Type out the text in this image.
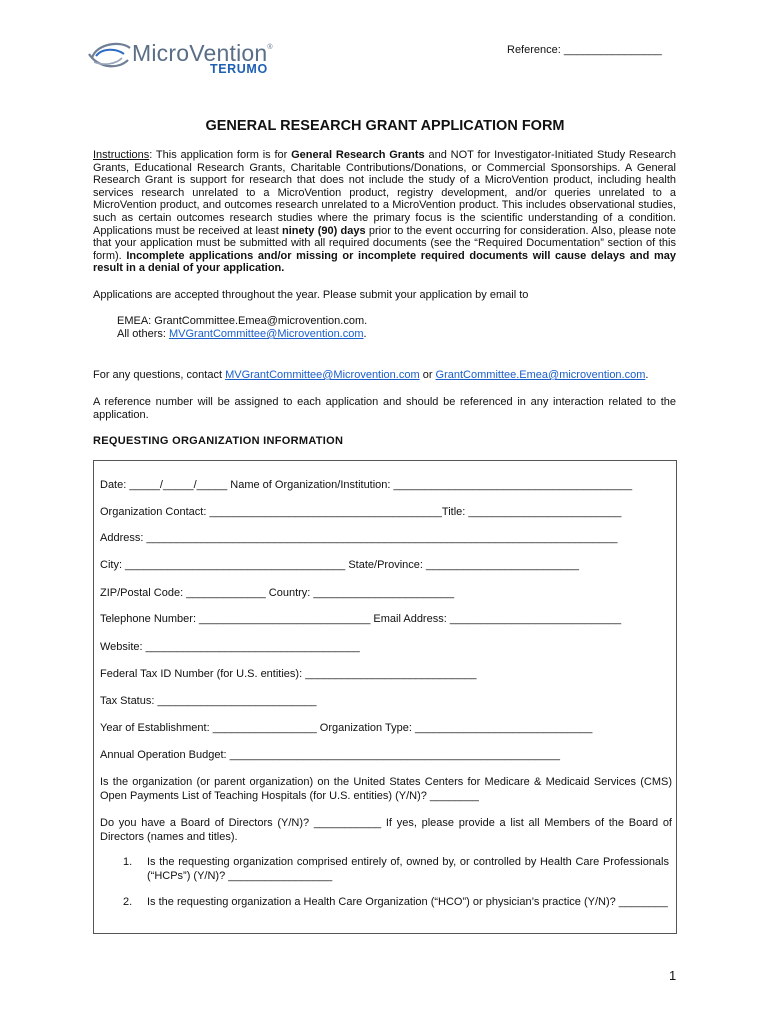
MicroVention®
TERUMO
Reference: ________________
GENERAL RESEARCH GRANT APPLICATION FORM

Instructions: This application form is for General Research Grants and NOT for Investigator-Initiated Study Research Grants, Educational Research Grants, Charitable Contributions/Donations, or Commercial Sponsorships. A General Research Grant is support for research that does not include the study of a MicroVention product, including health services research unrelated to a MicroVention product, registry development, and/or queries unrelated to a MicroVention product, and outcomes research unrelated to a MicroVention product. This includes observational studies, such as certain outcomes research studies where the primary focus is the scientific understanding of a condition. Applications must be received at least ninety (90) days prior to the event occurring for consideration. Also, please note that your application must be submitted with all required documents (see the “Required Documentation” section of this form). Incomplete applications and/or missing or incomplete required documents will cause delays and may result in a denial of your application.

Applications are accepted throughout the year. Please submit your application by email to

EMEA: GrantCommittee.Emea@microvention.com.

All others: MVGrantCommittee@Microvention.com.

For any questions, contact MVGrantCommittee@Microvention.com or GrantCommittee.Emea@microvention.com.

A reference number will be assigned to each application and should be referenced in any interaction related to the application.

REQUESTING ORGANIZATION INFORMATION

Date: _____/_____/_____ Name of Organization/Institution: _______________________________________

Organization Contact: ______________________________________Title: _________________________

Address: _____________________________________________________________________________

City: ____________________________________ State/Province: _________________________

ZIP/Postal Code: _____________ Country: _______________________

Telephone Number: ____________________________ Email Address: ____________________________

Website: ___________________________________

Federal Tax ID Number (for U.S. entities): ____________________________

Tax Status: __________________________

Year of Establishment: _________________ Organization Type: _____________________________

Annual Operation Budget: ______________________________________________________

Is the organization (or parent organization) on the United States Centers for Medicare & Medicaid Services (CMS) Open Payments List of Teaching Hospitals (for U.S. entities) (Y/N)? ________

Do you have a Board of Directors (Y/N)? ___________ If yes, please provide a list all Members of the Board of Directors (names and titles).

1. Is the requesting organization comprised entirely of, owned by, or controlled by Health Care Professionals (“HCPs”) (Y/N)? _________________

2. Is the requesting organization a Health Care Organization (“HCO”) or physician’s practice (Y/N)? ________

1
